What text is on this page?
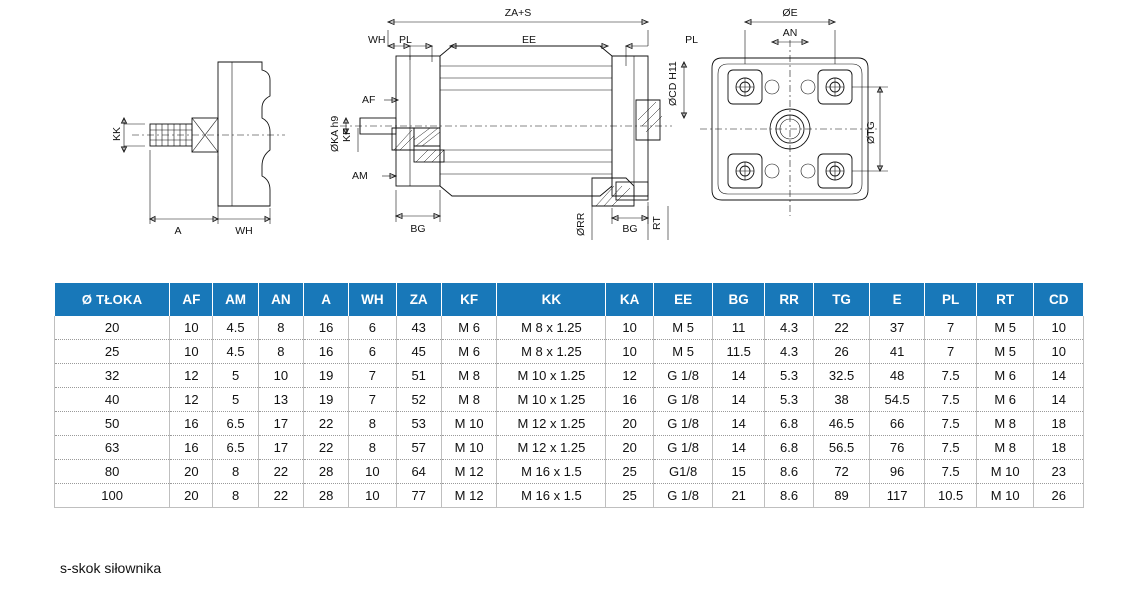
KK
A	WH
ZA+S
WH PL	EE	PL
AF
ØKA h9 KF
AM
BG	ØRR	BG RT
ØCD H11
ØE
AN
ØTG
Ø TŁOKA	AF	AM	AN	A	WH	ZA	KF	KK	KA	EE	BG	RR	TG	E	PL	RT	CD
20	10	4.5	8	16	6	43	M 6	M 8 x 1.25	10	M 5	11	4.3	22	37	7	M 5	10
25	10	4.5	8	16	6	45	M 6	M 8 x 1.25	10	M 5	11.5	4.3	26	41	7	M 5	10
32	12	5	10	19	7	51	M 8	M 10 x 1.25	12	G 1/8	14	5.3	32.5	48	7.5	M 6	14
40	12	5	13	19	7	52	M 8	M 10 x 1.25	16	G 1/8	14	5.3	38	54.5	7.5	M 6	14
50	16	6.5	17	22	8	53	M 10	M 12 x 1.25	20	G 1/8	14	6.8	46.5	66	7.5	M 8	18
63	16	6.5	17	22	8	57	M 10	M 12 x 1.25	20	G 1/8	14	6.8	56.5	76	7.5	M 8	18
80	20	8	22	28	10	64	M 12	M 16 x 1.5	25	G1/8	15	8.6	72	96	7.5	M 10	23
100	20	8	22	28	10	77	M 12	M 16 x 1.5	25	G 1/8	21	8.6	89	117	10.5	M 10	26
s-skok siłownika
